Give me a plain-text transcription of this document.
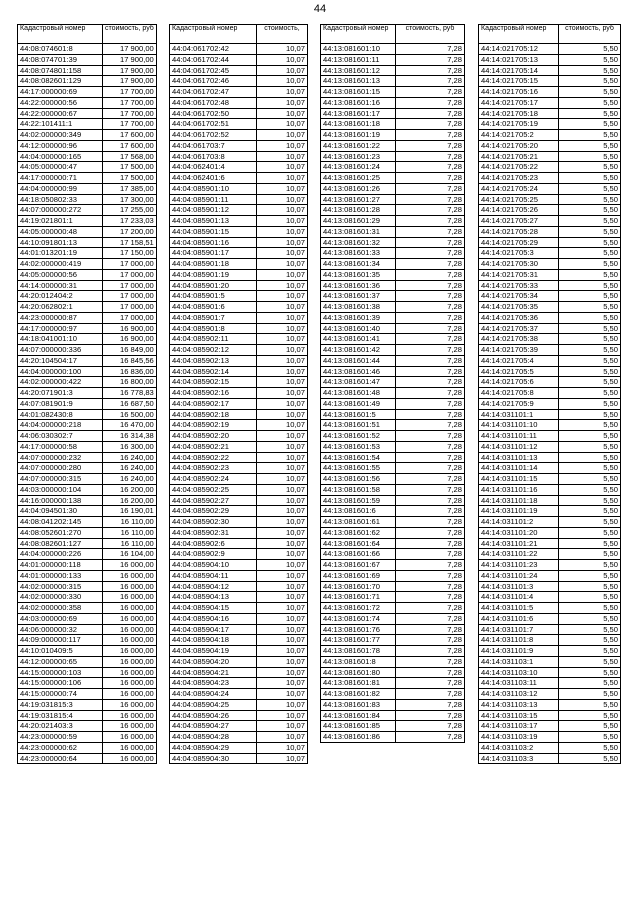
44
Кадастровый номер	стоимость, руб
44:08:074601:8	17 900,00
44:08:074701:39	17 900,00
44:08:074801:158	17 900,00
44:08:082601:129	17 900,00
44:17:000000:69	17 700,00
44:22:000000:56	17 700,00
44:22:000000:67	17 700,00
44:22:101411:1	17 700,00
44:02:000000:349	17 600,00
44:12:000000:96	17 600,00
44:04:000000:165	17 568,00
44:05:000000:47	17 500,00
44:17:000000:71	17 500,00
44:04:000000:99	17 385,00
44:18:050802:33	17 300,00
44:07:000000:272	17 255,00
44:19:021801:1	17 233,03
44:05:000000:48	17 200,00
44:10:091801:13	17 158,51
44:01:013201:19	17 150,00
44:02:000000:419	17 000,00
44:05:000000:56	17 000,00
44:14:000000:31	17 000,00
44:20:012404:2	17 000,00
44:20:062802:1	17 000,00
44:23:000000:87	17 000,00
44:17:000000:97	16 900,00
44:18:041001:10	16 900,00
44:07:000000:336	16 849,00
44:20:104504:17	16 845,56
44:04:000000:100	16 836,00
44:02:000000:422	16 800,00
44:20:071901:3	16 778,83
44:07:081901:9	16 687,50
44:01:082430:8	16 500,00
44:04:000000:218	16 470,00
44:06:030302:7	16 314,38
44:17:000000:58	16 300,00
44:07:000000:232	16 240,00
44:07:000000:280	16 240,00
44:07:000000:315	16 240,00
44:03:000000:104	16 200,00
44:16:000000:138	16 200,00
44:04:094501:30	16 190,01
44:08:041202:145	16 110,00
44:08:052601:270	16 110,00
44:08:082601:127	16 110,00
44:04:000000:226	16 104,00
44:01:000000:118	16 000,00
44:01:000000:133	16 000,00
44:02:000000:315	16 000,00
44:02:000000:330	16 000,00
44:02:000000:358	16 000,00
44:03:000000:69	16 000,00
44:06:000000:32	16 000,00
44:09:000000:117	16 000,00
44:10:010409:5	16 000,00
44:12:000000:65	16 000,00
44:15:000000:103	16 000,00
44:15:000000:106	16 000,00
44:15:000000:74	16 000,00
44:19:031815:3	16 000,00
44:19:031815:4	16 000,00
44:20:021403:3	16 000,00
44:23:000000:59	16 000,00
44:23:000000:62	16 000,00
44:23:000000:64	16 000,00
Кадастровый номер	стоимость,
44:04:061702:42	10,07
44:04:061702:44	10,07
44:04:061702:45	10,07
44:04:061702:46	10,07
44:04:061702:47	10,07
44:04:061702:48	10,07
44:04:061702:50	10,07
44:04:061702:51	10,07
44:04:061702:52	10,07
44:04:061703:7	10,07
44:04:061703:8	10,07
44:04:062401:4	10,07
44:04:062401:6	10,07
44:04:085901:10	10,07
44:04:085901:11	10,07
44:04:085901:12	10,07
44:04:085901:13	10,07
44:04:085901:15	10,07
44:04:085901:16	10,07
44:04:085901:17	10,07
44:04:085901:18	10,07
44:04:085901:19	10,07
44:04:085901:20	10,07
44:04:085901:5	10,07
44:04:085901:6	10,07
44:04:085901:7	10,07
44:04:085901:8	10,07
44:04:085902:11	10,07
44:04:085902:12	10,07
44:04:085902:13	10,07
44:04:085902:14	10,07
44:04:085902:15	10,07
44:04:085902:16	10,07
44:04:085902:17	10,07
44:04:085902:18	10,07
44:04:085902:19	10,07
44:04:085902:20	10,07
44:04:085902:21	10,07
44:04:085902:22	10,07
44:04:085902:23	10,07
44:04:085902:24	10,07
44:04:085902:25	10,07
44:04:085902:27	10,07
44:04:085902:29	10,07
44:04:085902:30	10,07
44:04:085902:31	10,07
44:04:085902:6	10,07
44:04:085902:9	10,07
44:04:085904:10	10,07
44:04:085904:11	10,07
44:04:085904:12	10,07
44:04:085904:13	10,07
44:04:085904:15	10,07
44:04:085904:16	10,07
44:04:085904:17	10,07
44:04:085904:18	10,07
44:04:085904:19	10,07
44:04:085904:20	10,07
44:04:085904:21	10,07
44:04:085904:23	10,07
44:04:085904:24	10,07
44:04:085904:25	10,07
44:04:085904:26	10,07
44:04:085904:27	10,07
44:04:085904:28	10,07
44:04:085904:29	10,07
44:04:085904:30	10,07
Кадастровый номер	стоимость, руб
44:13:081601:10	7,28
44:13:081601:11	7,28
44:13:081601:12	7,28
44:13:081601:13	7,28
44:13:081601:15	7,28
44:13:081601:16	7,28
44:13:081601:17	7,28
44:13:081601:18	7,28
44:13:081601:19	7,28
44:13:081601:22	7,28
44:13:081601:23	7,28
44:13:081601:24	7,28
44:13:081601:25	7,28
44:13:081601:26	7,28
44:13:081601:27	7,28
44:13:081601:28	7,28
44:13:081601:29	7,28
44:13:081601:31	7,28
44:13:081601:32	7,28
44:13:081601:33	7,28
44:13:081601:34	7,28
44:13:081601:35	7,28
44:13:081601:36	7,28
44:13:081601:37	7,28
44:13:081601:38	7,28
44:13:081601:39	7,28
44:13:081601:40	7,28
44:13:081601:41	7,28
44:13:081601:42	7,28
44:13:081601:44	7,28
44:13:081601:46	7,28
44:13:081601:47	7,28
44:13:081601:48	7,28
44:13:081601:49	7,28
44:13:081601:5	7,28
44:13:081601:51	7,28
44:13:081601:52	7,28
44:13:081601:53	7,28
44:13:081601:54	7,28
44:13:081601:55	7,28
44:13:081601:56	7,28
44:13:081601:58	7,28
44:13:081601:59	7,28
44:13:081601:6	7,28
44:13:081601:61	7,28
44:13:081601:62	7,28
44:13:081601:64	7,28
44:13:081601:66	7,28
44:13:081601:67	7,28
44:13:081601:69	7,28
44:13:081601:70	7,28
44:13:081601:71	7,28
44:13:081601:72	7,28
44:13:081601:74	7,28
44:13:081601:76	7,28
44:13:081601:77	7,28
44:13:081601:78	7,28
44:13:081601:8	7,28
44:13:081601:80	7,28
44:13:081601:81	7,28
44:13:081601:82	7,28
44:13:081601:83	7,28
44:13:081601:84	7,28
44:13:081601:85	7,28
44:13:081601:86	7,28
Кадастровый номер	стоимость, руб
44:14:021705:12	5,50
44:14:021705:13	5,50
44:14:021705:14	5,50
44:14:021705:15	5,50
44:14:021705:16	5,50
44:14:021705:17	5,50
44:14:021705:18	5,50
44:14:021705:19	5,50
44:14:021705:2	5,50
44:14:021705:20	5,50
44:14:021705:21	5,50
44:14:021705:22	5,50
44:14:021705:23	5,50
44:14:021705:24	5,50
44:14:021705:25	5,50
44:14:021705:26	5,50
44:14:021705:27	5,50
44:14:021705:28	5,50
44:14:021705:29	5,50
44:14:021705:3	5,50
44:14:021705:30	5,50
44:14:021705:31	5,50
44:14:021705:33	5,50
44:14:021705:34	5,50
44:14:021705:35	5,50
44:14:021705:36	5,50
44:14:021705:37	5,50
44:14:021705:38	5,50
44:14:021705:39	5,50
44:14:021705:4	5,50
44:14:021705:5	5,50
44:14:021705:6	5,50
44:14:021705:8	5,50
44:14:021705:9	5,50
44:14:031101:1	5,50
44:14:031101:10	5,50
44:14:031101:11	5,50
44:14:031101:12	5,50
44:14:031101:13	5,50
44:14:031101:14	5,50
44:14:031101:15	5,50
44:14:031101:16	5,50
44:14:031101:18	5,50
44:14:031101:19	5,50
44:14:031101:2	5,50
44:14:031101:20	5,50
44:14:031101:21	5,50
44:14:031101:22	5,50
44:14:031101:23	5,50
44:14:031101:24	5,50
44:14:031101:3	5,50
44:14:031101:4	5,50
44:14:031101:5	5,50
44:14:031101:6	5,50
44:14:031101:7	5,50
44:14:031101:8	5,50
44:14:031101:9	5,50
44:14:031103:1	5,50
44:14:031103:10	5,50
44:14:031103:11	5,50
44:14:031103:12	5,50
44:14:031103:13	5,50
44:14:031103:15	5,50
44:14:031103:17	5,50
44:14:031103:19	5,50
44:14:031103:2	5,50
44:14:031103:3	5,50
